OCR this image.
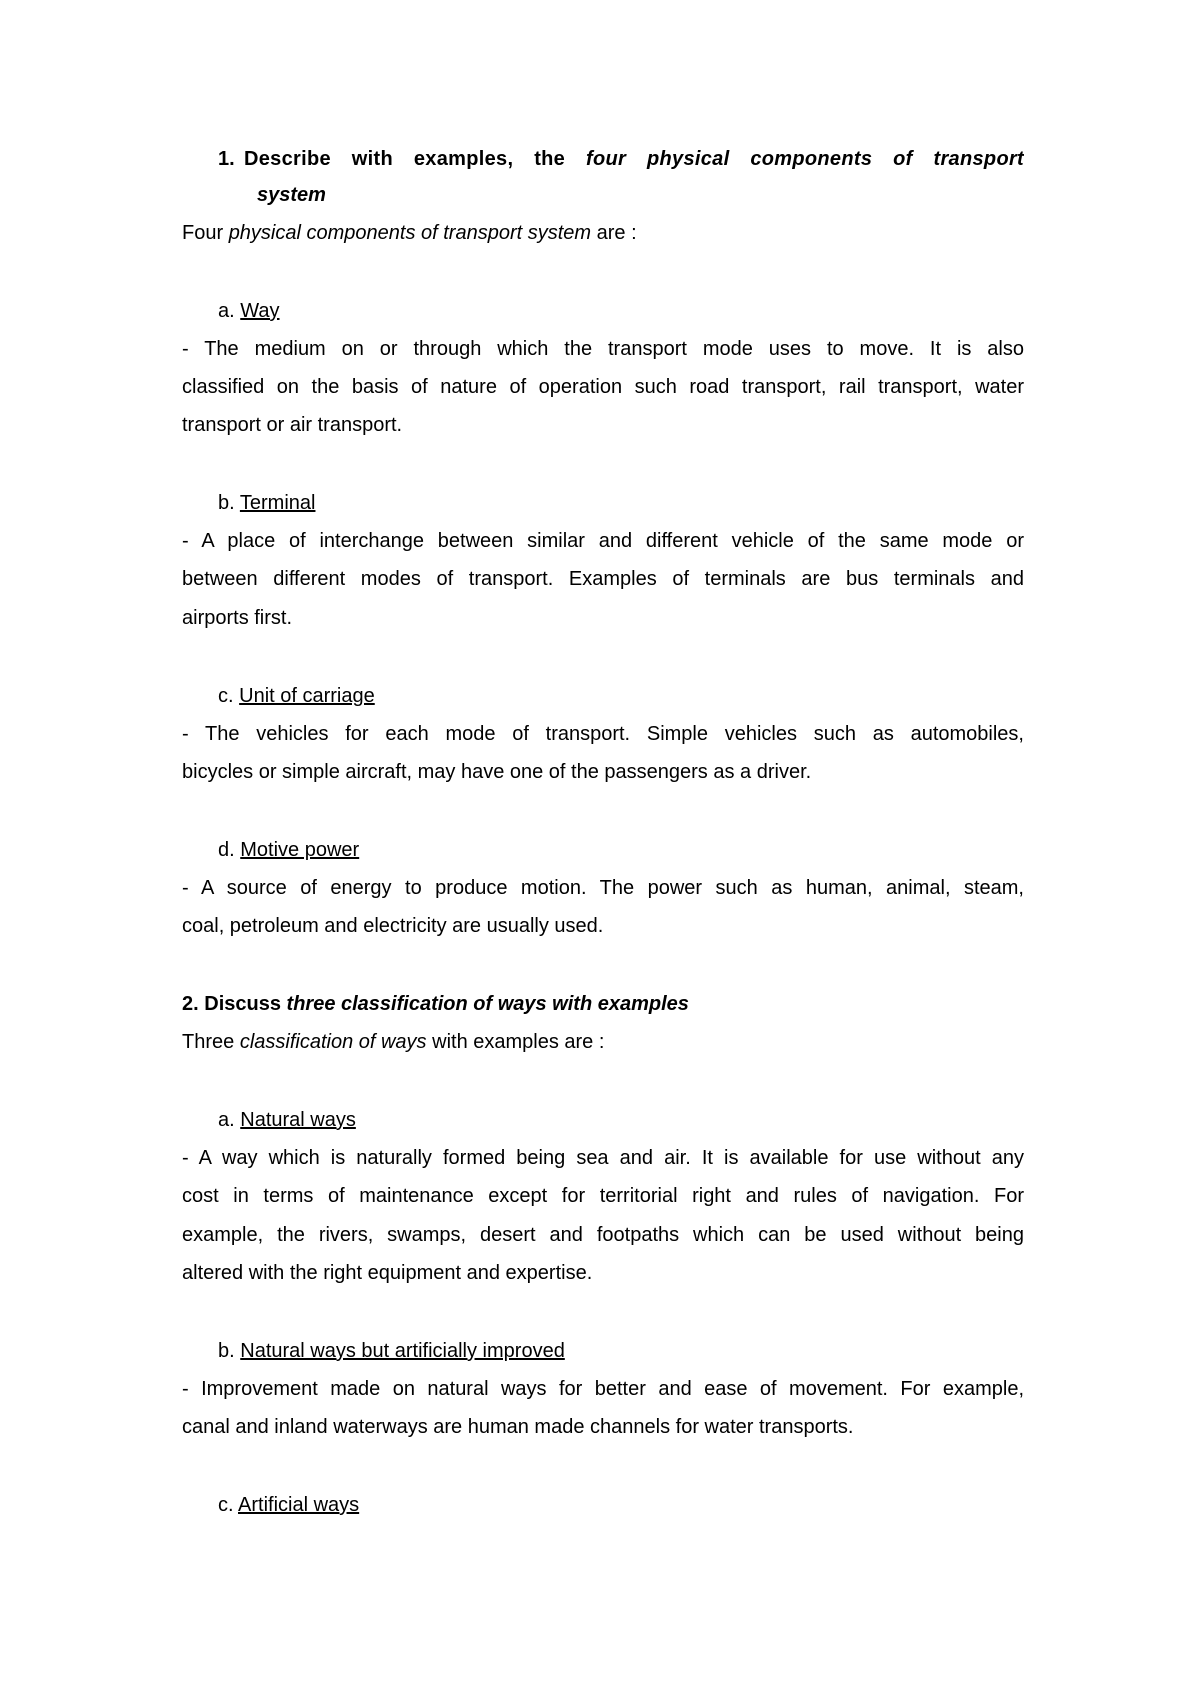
1. Describe with examples, the four physical components of transport
system
Four physical components of transport system are :
a. Way
- The medium on or through which the transport mode uses to move. It is also
classified on the basis of nature of operation such road transport, rail transport, water
transport or air transport.
b. Terminal
- A place of interchange between similar and different vehicle of the same mode or
between different modes of transport. Examples of terminals are bus terminals and
airports first.
c. Unit of carriage
- The vehicles for each mode of transport. Simple vehicles such as automobiles,
bicycles or simple aircraft, may have one of the passengers as a driver.
d. Motive power
- A source of energy to produce motion. The power such as human, animal, steam,
coal, petroleum and electricity are usually used.
2. Discuss three classification of ways with examples
Three classification of ways with examples are :
a. Natural ways
- A way which is naturally formed being sea and air. It is available for use without any
cost in terms of maintenance except for territorial right and rules of navigation. For
example, the rivers, swamps, desert and footpaths which can be used without being
altered with the right equipment and expertise.
b. Natural ways but artificially improved
- Improvement made on natural ways for better and ease of movement. For example,
canal and inland waterways are human made channels for water transports.
c. Artificial ways
